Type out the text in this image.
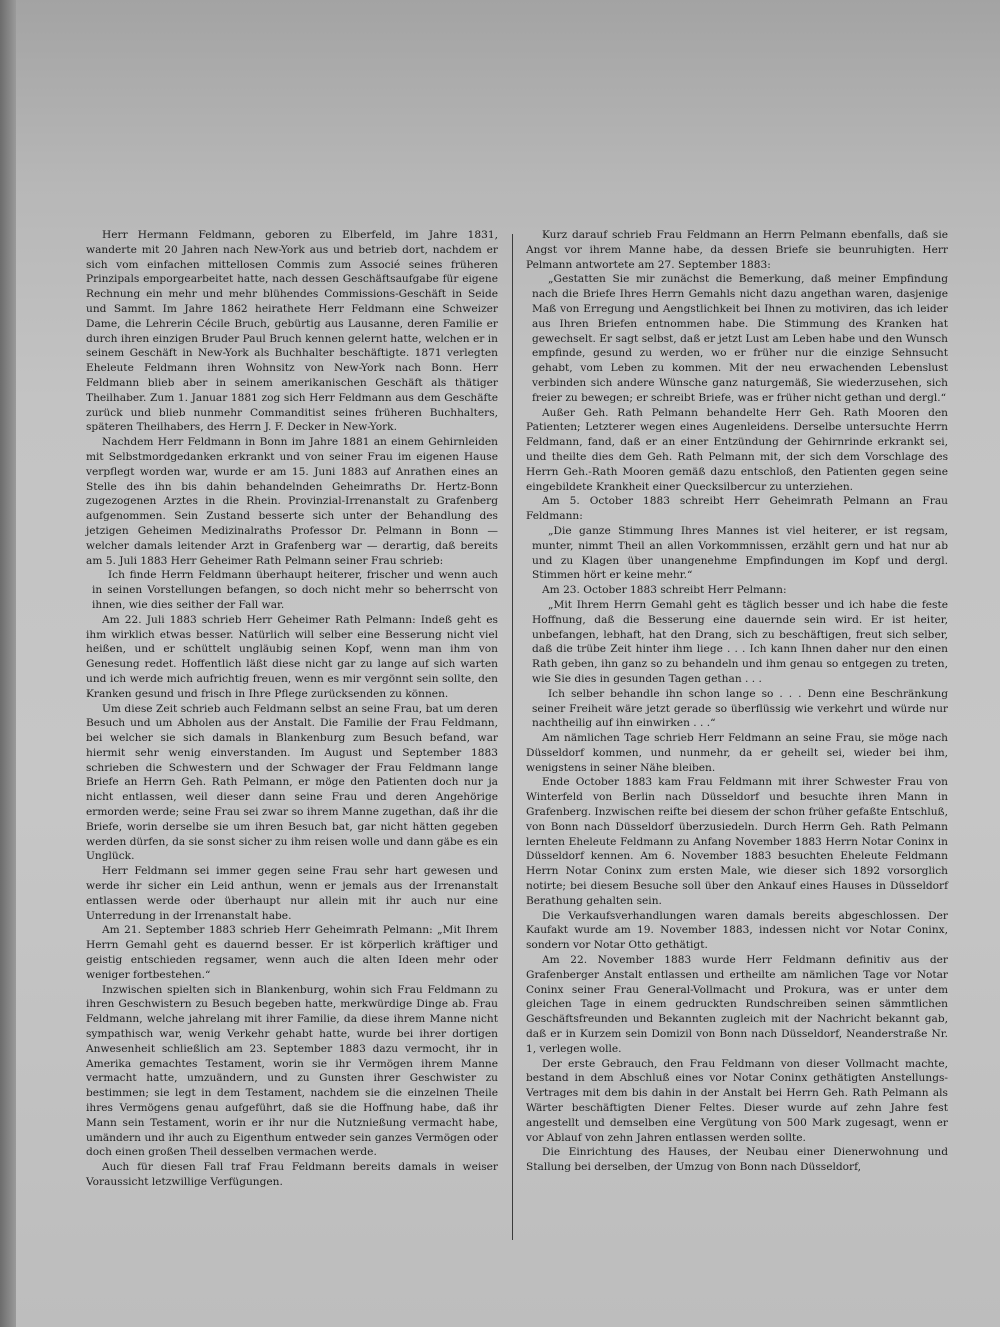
Herr Hermann Feldmann, geboren zu Elberfeld, im Jahre 1831, wanderte mit 20 Jahren nach New-York aus und betrieb dort, nachdem er sich vom einfachen mittellosen Commis zum Associé seines früheren Prinzipals emporgearbeitet hatte, nach dessen Geschäftsaufgabe für eigene Rechnung ein mehr und mehr blühendes Commissions-Geschäft in Seide und Sammt. Im Jahre 1862 heirathete Herr Feldmann eine Schweizer Dame, die Lehrerin Cécile Bruch, gebürtig aus Lausanne, deren Familie er durch ihren einzigen Bruder Paul Bruch kennen gelernt hatte, welchen er in seinem Geschäft in New-York als Buchhalter beschäftigte. 1871 verlegten Eheleute Feldmann ihren Wohnsitz von New-York nach Bonn. Herr Feldmann blieb aber in seinem amerikanischen Geschäft als thätiger Theilhaber. Zum 1. Januar 1881 zog sich Herr Feldmann aus dem Geschäfte zurück und blieb nunmehr Commanditist seines früheren Buchhalters, späteren Theilhabers, des Herrn J. F. Decker in New-York.

Nachdem Herr Feldmann in Bonn im Jahre 1881 an einem Gehirnleiden mit Selbstmordgedanken erkrankt und von seiner Frau im eigenen Hause verpflegt worden war, wurde er am 15. Juni 1883 auf Anrathen eines an Stelle des ihn bis dahin behandelnden Geheimraths Dr. Hertz-Bonn zugezogenen Arztes in die Rhein. Provinzial-Irrenanstalt zu Grafenberg aufgenommen. Sein Zustand besserte sich unter der Behandlung des jetzigen Geheimen Medizinalraths Professor Dr. Pelmann in Bonn — welcher damals leitender Arzt in Grafenberg war — derartig, daß bereits am 5. Juli 1883 Herr Geheimer Rath Pelmann seiner Frau schrieb:

Ich finde Herrn Feldmann überhaupt heiterer, frischer und wenn auch in seinen Vorstellungen befangen, so doch nicht mehr so beherrscht von ihnen, wie dies seither der Fall war.

Am 22. Juli 1883 schrieb Herr Geheimer Rath Pelmann: Indeß geht es ihm wirklich etwas besser. Natürlich will selber eine Besserung nicht viel heißen, und er schüttelt ungläubig seinen Kopf, wenn man ihm von Genesung redet. Hoffentlich läßt diese nicht gar zu lange auf sich warten und ich werde mich aufrichtig freuen, wenn es mir vergönnt sein sollte, den Kranken gesund und frisch in Ihre Pflege zurücksenden zu können.

Um diese Zeit schrieb auch Feldmann selbst an seine Frau, bat um deren Besuch und um Abholen aus der Anstalt. Die Familie der Frau Feldmann, bei welcher sie sich damals in Blankenburg zum Besuch befand, war hiermit sehr wenig einverstanden. Im August und September 1883 schrieben die Schwestern und der Schwager der Frau Feldmann lange Briefe an Herrn Geh. Rath Pelmann, er möge den Patienten doch nur ja nicht entlassen, weil dieser dann seine Frau und deren Angehörige ermorden werde; seine Frau sei zwar so ihrem Manne zugethan, daß ihr die Briefe, worin derselbe sie um ihren Besuch bat, gar nicht hätten gegeben werden dürfen, da sie sonst sicher zu ihm reisen wolle und dann gäbe es ein Unglück.

Herr Feldmann sei immer gegen seine Frau sehr hart gewesen und werde ihr sicher ein Leid anthun, wenn er jemals aus der Irrenanstalt entlassen werde oder überhaupt nur allein mit ihr auch nur eine Unterredung in der Irrenanstalt habe.

Am 21. September 1883 schrieb Herr Geheimrath Pelmann: „Mit Ihrem Herrn Gemahl geht es dauernd besser. Er ist körperlich kräftiger und geistig entschieden regsamer, wenn auch die alten Ideen mehr oder weniger fortbestehen.“

Inzwischen spielten sich in Blankenburg, wohin sich Frau Feldmann zu ihren Geschwistern zu Besuch begeben hatte, merkwürdige Dinge ab. Frau Feldmann, welche jahrelang mit ihrer Familie, da diese ihrem Manne nicht sympathisch war, wenig Verkehr gehabt hatte, wurde bei ihrer dortigen Anwesenheit schließlich am 23. September 1883 dazu vermocht, ihr in Amerika gemachtes Testament, worin sie ihr Vermögen ihrem Manne vermacht hatte, umzuändern, und zu Gunsten ihrer Geschwister zu bestimmen; sie legt in dem Testament, nachdem sie die einzelnen Theile ihres Vermögens genau aufgeführt, daß sie die Hoffnung habe, daß ihr Mann sein Testament, worin er ihr nur die Nutznießung vermacht habe, umändern und ihr auch zu Eigenthum entweder sein ganzes Vermögen oder doch einen großen Theil desselben vermachen werde.

Auch für diesen Fall traf Frau Feldmann bereits damals in weiser Voraussicht letzwillige Verfügungen.

Kurz darauf schrieb Frau Feldmann an Herrn Pelmann ebenfalls, daß sie Angst vor ihrem Manne habe, da dessen Briefe sie beunruhigten. Herr Pelmann antwortete am 27. September 1883:

„Gestatten Sie mir zunächst die Bemerkung, daß meiner Empfindung nach die Briefe Ihres Herrn Gemahls nicht dazu angethan waren, dasjenige Maß von Erregung und Aengstlichkeit bei Ihnen zu motiviren, das ich leider aus Ihren Briefen entnommen habe. Die Stimmung des Kranken hat gewechselt. Er sagt selbst, daß er jetzt Lust am Leben habe und den Wunsch empfinde, gesund zu werden, wo er früher nur die einzige Sehnsucht gehabt, vom Leben zu kommen. Mit der neu erwachenden Lebenslust verbinden sich andere Wünsche ganz naturgemäß, Sie wiederzusehen, sich freier zu bewegen; er schreibt Briefe, was er früher nicht gethan und dergl.“

Außer Geh. Rath Pelmann behandelte Herr Geh. Rath Mooren den Patienten; Letzterer wegen eines Augenleidens. Derselbe untersuchte Herrn Feldmann, fand, daß er an einer Entzündung der Gehirnrinde erkrankt sei, und theilte dies dem Geh. Rath Pelmann mit, der sich dem Vorschlage des Herrn Geh.-Rath Mooren gemäß dazu entschloß, den Patienten gegen seine eingebildete Krankheit einer Quecksilbercur zu unterziehen.

Am 5. October 1883 schreibt Herr Geheimrath Pelmann an Frau Feldmann:

„Die ganze Stimmung Ihres Mannes ist viel heiterer, er ist regsam, munter, nimmt Theil an allen Vorkommnissen, erzählt gern und hat nur ab und zu Klagen über unangenehme Empfindungen im Kopf und dergl. Stimmen hört er keine mehr.“

Am 23. October 1883 schreibt Herr Pelmann:

„Mit Ihrem Herrn Gemahl geht es täglich besser und ich habe die feste Hoffnung, daß die Besserung eine dauernde sein wird. Er ist heiter, unbefangen, lebhaft, hat den Drang, sich zu beschäftigen, freut sich selber, daß die trübe Zeit hinter ihm liege . . . Ich kann Ihnen daher nur den einen Rath geben, ihn ganz so zu behandeln und ihm genau so entgegen zu treten, wie Sie dies in gesunden Tagen gethan . . .

Ich selber behandle ihn schon lange so . . . Denn eine Beschränkung seiner Freiheit wäre jetzt gerade so überflüssig wie verkehrt und würde nur nachtheilig auf ihn einwirken . . .“

Am nämlichen Tage schrieb Herr Feldmann an seine Frau, sie möge nach Düsseldorf kommen, und nunmehr, da er geheilt sei, wieder bei ihm, wenigstens in seiner Nähe bleiben.

Ende October 1883 kam Frau Feldmann mit ihrer Schwester Frau von Winterfeld von Berlin nach Düsseldorf und besuchte ihren Mann in Grafenberg. Inzwischen reifte bei diesem der schon früher gefaßte Entschluß, von Bonn nach Düsseldorf überzusiedeln. Durch Herrn Geh. Rath Pelmann lernten Eheleute Feldmann zu Anfang November 1883 Herrn Notar Coninx in Düsseldorf kennen. Am 6. November 1883 besuchten Eheleute Feldmann Herrn Notar Coninx zum ersten Male, wie dieser sich 1892 vorsorglich notirte; bei diesem Besuche soll über den Ankauf eines Hauses in Düsseldorf Berathung gehalten sein.

Die Verkaufsverhandlungen waren damals bereits abgeschlossen. Der Kaufakt wurde am 19. November 1883, indessen nicht vor Notar Coninx, sondern vor Notar Otto gethätigt.

Am 22. November 1883 wurde Herr Feldmann definitiv aus der Grafenberger Anstalt entlassen und ertheilte am nämlichen Tage vor Notar Coninx seiner Frau General-Vollmacht und Prokura, was er unter dem gleichen Tage in einem gedruckten Rundschreiben seinen sämmtlichen Geschäftsfreunden und Bekannten zugleich mit der Nachricht bekannt gab, daß er in Kurzem sein Domizil von Bonn nach Düsseldorf, Neanderstraße Nr. 1, verlegen wolle.

Der erste Gebrauch, den Frau Feldmann von dieser Vollmacht machte, bestand in dem Abschluß eines vor Notar Coninx gethätigten Anstellungs-Vertrages mit dem bis dahin in der Anstalt bei Herrn Geh. Rath Pelmann als Wärter beschäftigten Diener Feltes. Dieser wurde auf zehn Jahre fest angestellt und demselben eine Vergütung von 500 Mark zugesagt, wenn er vor Ablauf von zehn Jahren entlassen werden sollte.

Die Einrichtung des Hauses, der Neubau einer Dienerwohnung und Stallung bei derselben, der Umzug von Bonn nach Düsseldorf,
